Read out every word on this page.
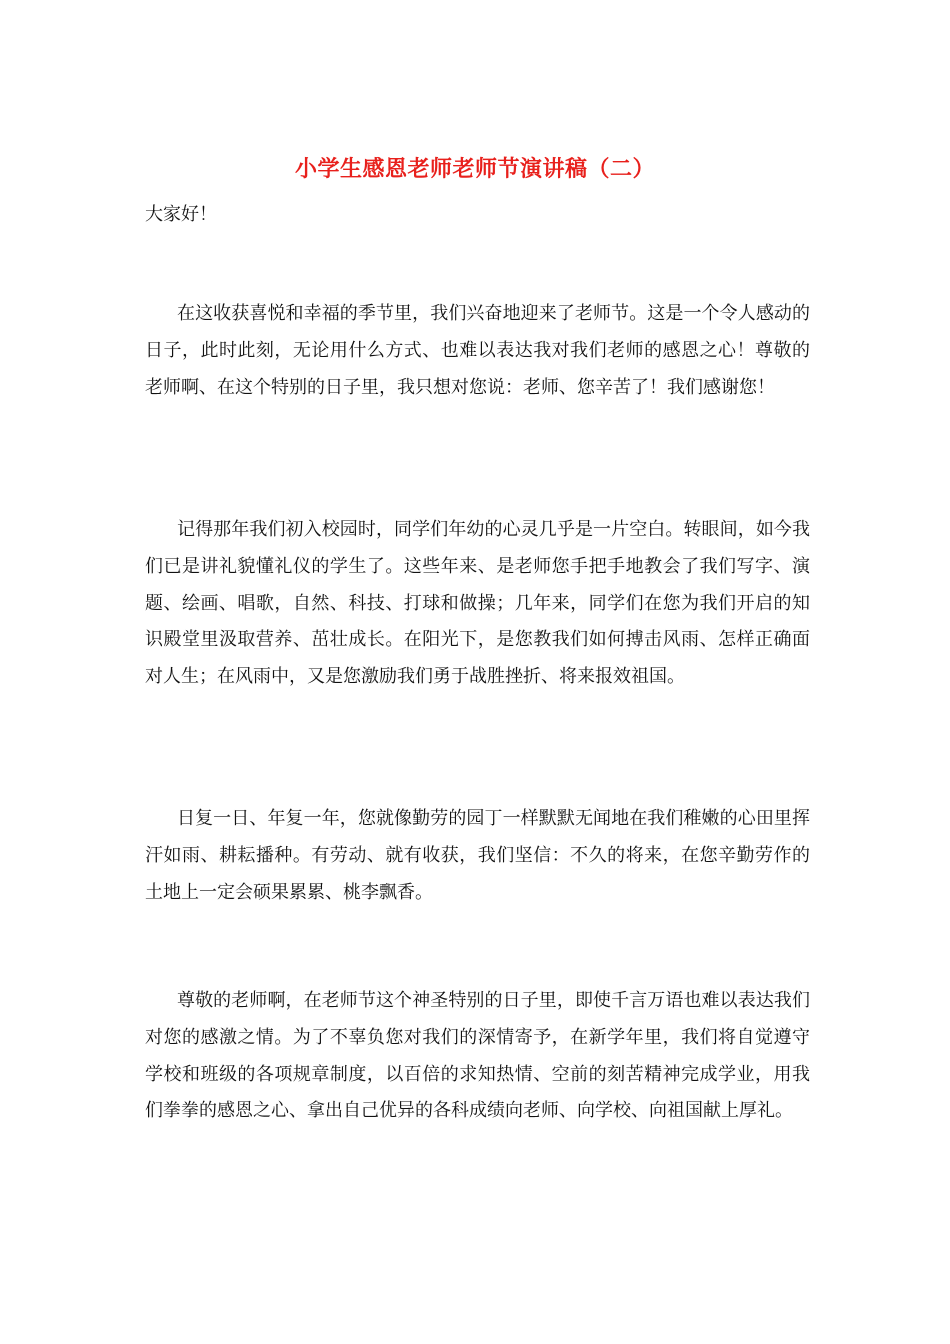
小学生感恩老师老师节演讲稿（二）
大家好！

在这收获喜悦和幸福的季节里，我们兴奋地迎来了老师节。这是一个令人感动的日子，此时此刻，无论用什么方式、也难以表达我对我们老师的感恩之心！尊敬的老师啊、在这个特别的日子里，我只想对您说：老师、您辛苦了！我们感谢您！

记得那年我们初入校园时，同学们年幼的心灵几乎是一片空白。转眼间，如今我们已是讲礼貌懂礼仪的学生了。这些年来、是老师您手把手地教会了我们写字、演题、绘画、唱歌，自然、科技、打球和做操；几年来，同学们在您为我们开启的知识殿堂里汲取营养、茁壮成长。在阳光下，是您教我们如何搏击风雨、怎样正确面对人生；在风雨中，又是您激励我们勇于战胜挫折、将来报效祖国。

日复一日、年复一年，您就像勤劳的园丁一样默默无闻地在我们稚嫩的心田里挥汗如雨、耕耘播种。有劳动、就有收获，我们坚信：不久的将来，在您辛勤劳作的土地上一定会硕果累累、桃李飘香。

尊敬的老师啊，在老师节这个神圣特别的日子里，即使千言万语也难以表达我们对您的感激之情。为了不辜负您对我们的深情寄予，在新学年里，我们将自觉遵守学校和班级的各项规章制度，以百倍的求知热情、空前的刻苦精神完成学业，用我们拳拳的感恩之心、拿出自己优异的各科成绩向老师、向学校、向祖国献上厚礼。
